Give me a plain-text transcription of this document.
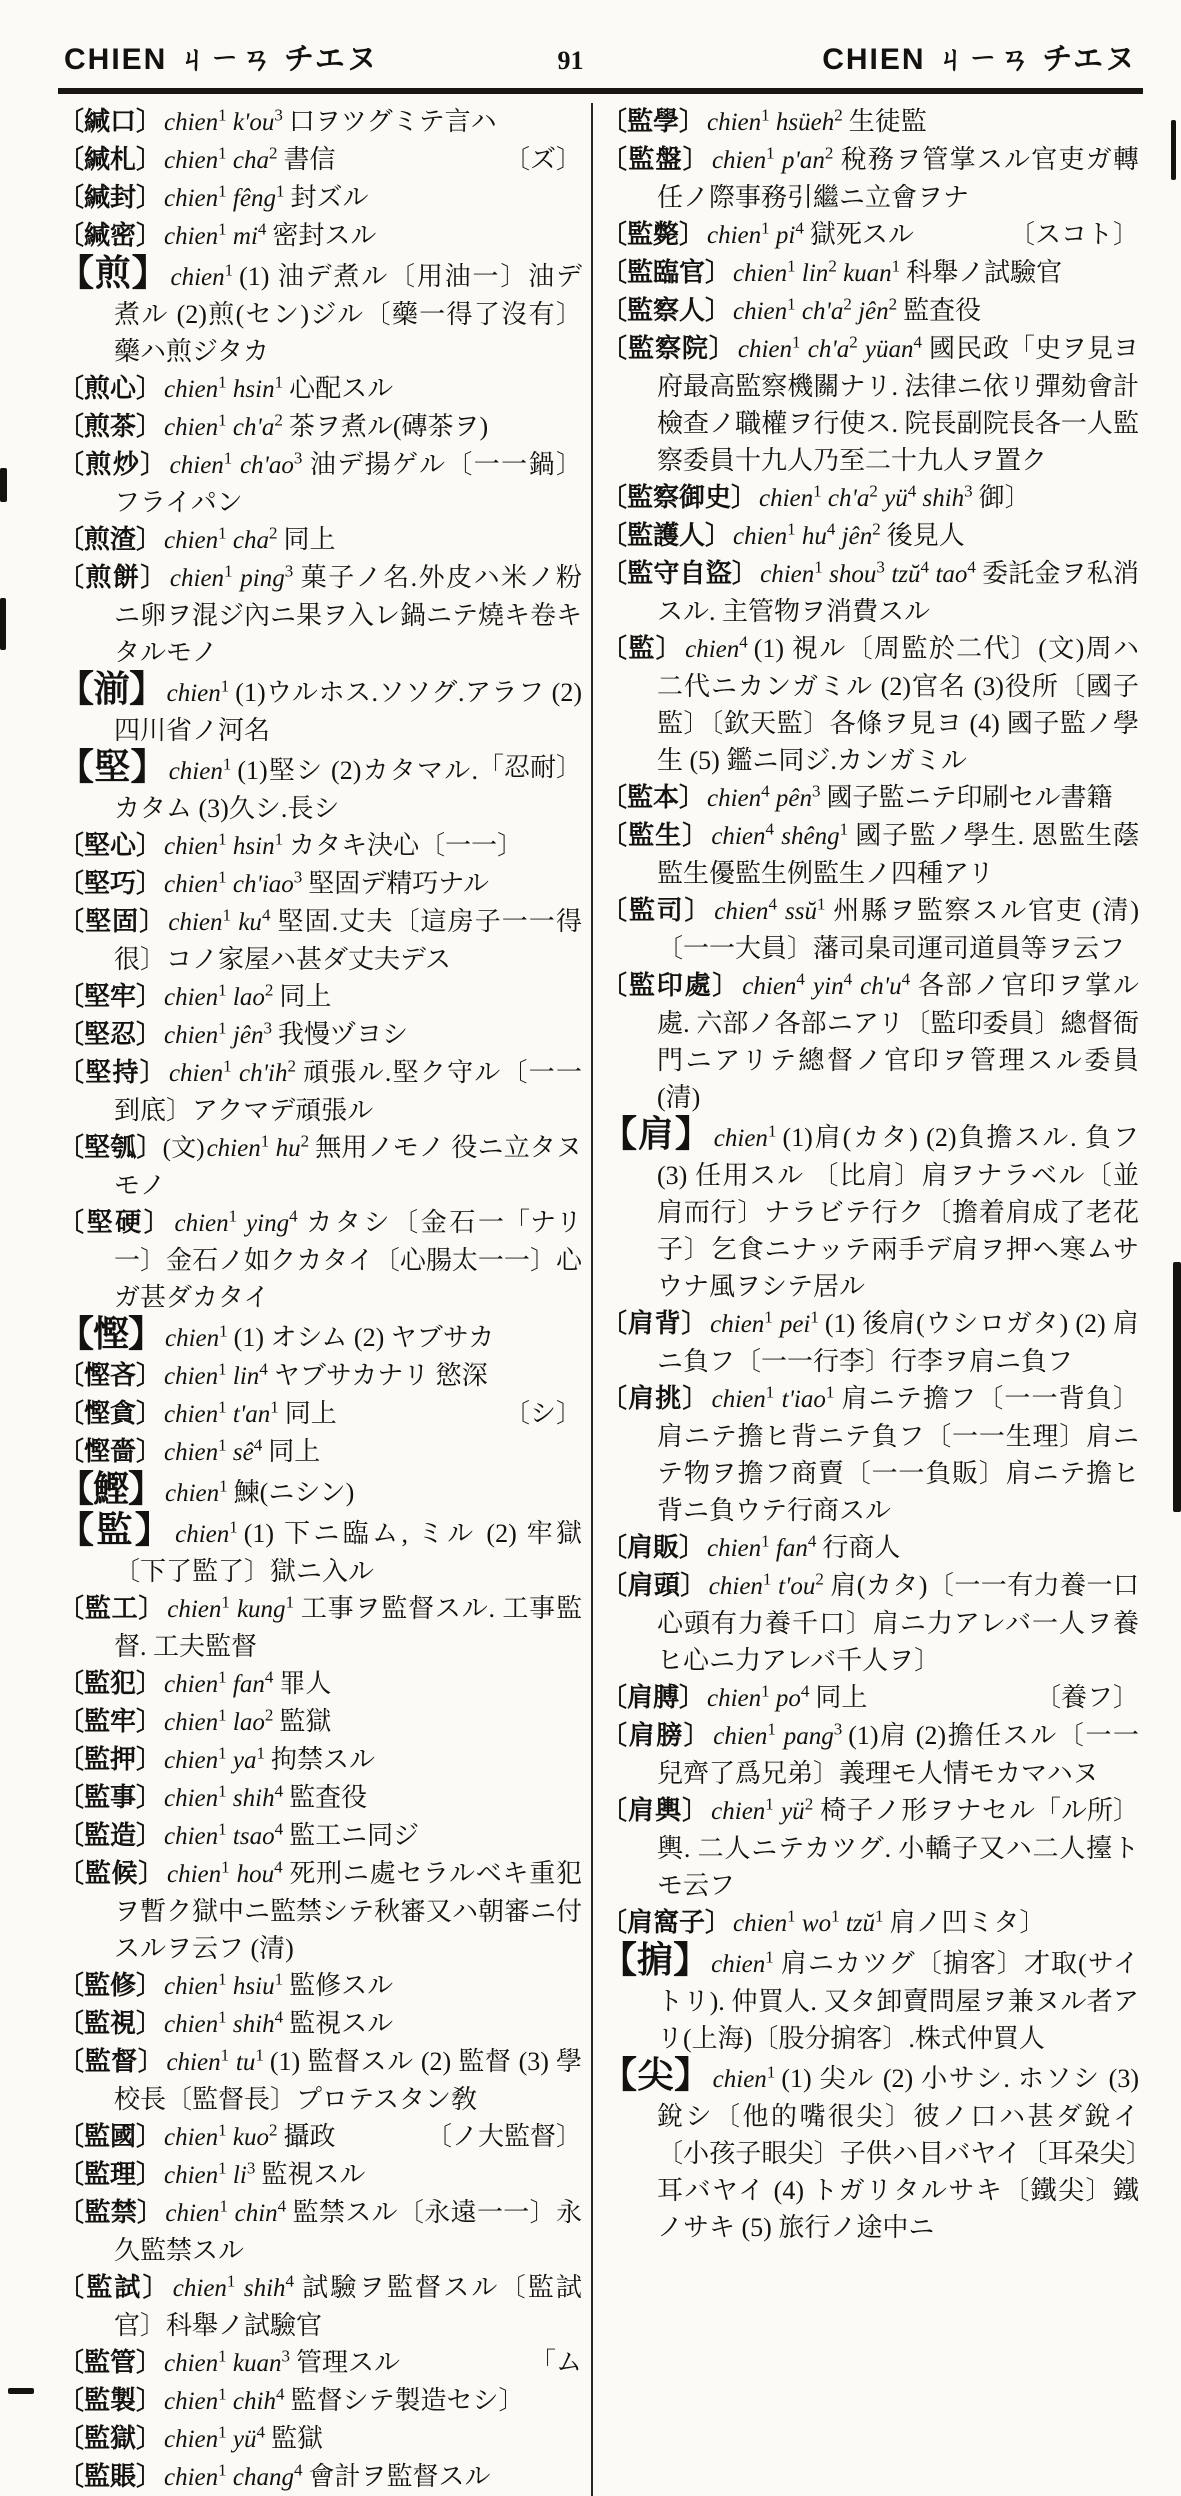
CHIEN ㄐㄧㄢ チエヌ	91	CHIEN ㄐㄧㄢ チエヌ
〔緘口〕chien$^1$ $k'ou^3$ 口ヲツグミテ言ハ
〔ズ〕
〔緘札〕chien$^1$ cha$^2$ 書信
〔緘封〕chien$^1$ fêng$^1$ 封ズル
〔緘密〕chien$^1$ $mi^4$ 密封スル
【煎】chien$^1$ (1) 油デ煮ル〔用油一〕油デ煮ル (2)煎(セン)ジル〔藥一得了沒有〕藥ハ煎ジタカ
〔煎心〕chien$^1$ hsin$^1$ 心配スル
〔煎茶〕chien$^1$ $ch'a^2$ 茶ヲ煮ル(磚茶ヲ)
〔煎炒〕chien$^1$ $ch'ao^3$ 油デ揚ゲル〔一一鍋〕フライパン
〔煎渣〕chien$^1$ cha$^2$ 同上
〔煎餅〕chien$^1$ ping$^3$ 菓子ノ名.外皮ハ米ノ粉ニ卵ヲ混ジ內ニ果ヲ入レ鍋ニテ燒キ卷キタルモノ
【湔】chien$^1$ (1)ウルホス.ソソグ.アラフ (2)四川省ノ河名
「忍耐〕
【堅】chien$^1$ (1)堅シ (2)カタマル.カタム (3)久シ.長シ
〔堅心〕chien$^1$ hsin$^1$ カタキ決心〔一一〕
〔堅巧〕chien$^1$ ch'iao$^3$ 堅固デ精巧ナル
〔堅固〕chien$^1$ $ku^4$ 堅固.丈夫〔這房子一一得很〕コノ家屋ハ甚ダ丈夫デス
〔堅牢〕chien$^1$ lao$^2$ 同上
〔堅忍〕chien$^1$ jên$^3$ 我慢ヅヨシ
〔堅持〕chien$^1$ $ch'ih^2$ 頑張ル.堅ク守ル〔一一到底〕アクマデ頑張ル
〔堅瓠〕(文)chien$^1$ $hu^2$ 無用ノモノ 役ニ立タヌモノ
「ナリ
〔堅硬〕chien$^1$ ying$^4$ カタシ〔金石一一〕金石ノ如クカタイ〔心腸太一一〕心ガ甚ダカタイ
【慳】chien$^1$ (1) オシム (2) ヤブサカ
〔慳吝〕chien$^1$ lin$^4$ ヤブサカナリ 慾深
〔シ〕
〔慳貪〕chien$^1$ $t'an^1$ 同上
〔慳嗇〕chien$^1$ $sê^4$ 同上
【鰹】chien$^1$ 鰊(ニシン)
【監】chien$^1$ (1) 下ニ臨ム, ミル (2) 牢獄〔下了監了〕獄ニ入ル
〔監工〕chien$^1$ kung$^1$ 工事ヲ監督スル. 工事監督. 工夫監督
〔監犯〕chien$^1$ fan$^4$ 罪人
〔監牢〕chien$^1$ lao$^2$ 監獄
〔監押〕chien$^1$ $ya^1$ 拘禁スル
〔監事〕chien$^1$ shih$^4$ 監査役
〔監造〕chien$^1$ tsao$^4$ 監工ニ同ジ
〔監候〕chien$^1$ hou$^4$ 死刑ニ處セラルベキ重犯ヲ暫ク獄中ニ監禁シテ秋審又ハ朝審ニ付スルヲ云フ (清)
〔監修〕chien$^1$ hsiu$^1$ 監修スル
〔監視〕chien$^1$ shih$^4$ 監視スル
〔監督〕chien$^1$ $tu^1$ (1) 監督スル (2) 監督 (3) 學校長〔監督長〕プロテスタン敎
〔ノ大監督〕
〔監國〕chien$^1$ kuo$^2$ 攝政
〔監理〕chien$^1$ $li^3$ 監視スル
〔監禁〕chien$^1$ chin$^4$ 監禁スル〔永遠一一〕永久監禁スル
〔監試〕chien$^1$ shih$^4$ 試驗ヲ監督スル〔監試官〕科舉ノ試驗官
「ム
〔監管〕chien$^1$ kuan$^3$ 管理スル
〔監製〕chien$^1$ chih$^4$ 監督シテ製造セシ〕
〔監獄〕chien$^1$ $yü^4$ 監獄
〔監賬〕chien$^1$ chang$^4$ 會計ヲ監督スル
〔監學〕chien$^1$ hsüeh$^2$ 生徒監
〔監盤〕chien$^1$ $p'an^2$ 稅務ヲ管掌スル官吏ガ轉任ノ際事務引繼ニ立會ヲナ
〔スコト〕
〔監斃〕chien$^1$ $pi^4$ 獄死スル
〔監臨官〕chien$^1$ lin$^2$ kuan$^1$ 科舉ノ試驗官
〔監察人〕chien$^1$ $ch'a^2$ jên$^2$ 監査役
「史ヲ見ヨ
〔監察院〕chien$^1$ $ch'a^2$ yüan$^4$ 國民政府最高監察機關ナリ. 法律ニ依リ彈劾會計檢查ノ職權ヲ行使ス. 院長副院長各一人監察委員十九人乃至二十九人ヲ置ク
〔監察御史〕chien$^1$ $ch'a^2$ $yü^4$ shih$^3$ 御〕
〔監護人〕chien$^1$ $hu^4$ jên$^2$ 後見人
〔監守自盜〕chien$^1$ shou$^3$ tzŭ$^4$ tao$^4$ 委託金ヲ私消スル. 主管物ヲ消費スル
〔監〕chien$^4$ (1) 視ル〔周監於二代〕(文)周ハ二代ニカンガミル (2)官名 (3)役所〔國子監〕〔欽天監〕各條ヲ見ヨ (4) 國子監ノ學生 (5) 鑑ニ同ジ.カンガミル
〔監本〕chien$^4$ pên$^3$ 國子監ニテ印刷セル書籍
〔監生〕chien$^4$ shêng$^1$ 國子監ノ學生. 恩監生蔭監生優監生例監生ノ四種アリ
〔監司〕chien$^4$ ssŭ$^1$ 州縣ヲ監察スル官吏 (清)〔一一大員〕藩司臬司運司道員等ヲ云フ
〔監印處〕chien$^4$ yin$^4$ $ch'u^4$ 各部ノ官印ヲ掌ル處. 六部ノ各部ニアリ〔監印委員〕總督衙門ニアリテ總督ノ官印ヲ管理スル委員 (清)
【肩】chien$^1$ (1)肩(カタ) (2)負擔スル. 負フ (3) 任用スル 〔比肩〕肩ヲナラベル〔並肩而行〕ナラビテ行ク〔擔着肩成了老花子〕乞食ニナッテ兩手デ肩ヲ押ヘ寒ムサウナ風ヲシテ居ル
〔肩背〕chien$^1$ pei$^1$ (1) 後肩(ウシロガタ) (2) 肩ニ負フ〔一一行李〕行李ヲ肩ニ負フ
〔肩挑〕chien$^1$ t'iao$^1$ 肩ニテ擔フ〔一一背負〕肩ニテ擔ヒ背ニテ負フ〔一一生理〕肩ニテ物ヲ擔フ商賣〔一一負販〕肩ニテ擔ヒ背ニ負ウテ行商スル
〔肩販〕chien$^1$ fan$^4$ 行商人
〔肩頭〕chien$^1$ $t'ou^2$ 肩(カタ)〔一一有力養一口心頭有力養千口〕肩ニ力アレバ一人ヲ養ヒ心ニ力アレバ千人ヲ〕
〔養フ〕
〔肩膊〕chien$^1$ $po^4$ 同上
〔肩膀〕chien$^1$ pang$^3$ (1)肩 (2)擔任スル〔一一兒齊了爲兄弟〕義理モ人情モカマハヌ
「ル所〕
〔肩輿〕chien$^1$ $yü^2$ 椅子ノ形ヲナセル輿. 二人ニテカツグ. 小轎子又ハ二人擡トモ云フ
〔肩窩子〕chien$^1$ $wo^1$ tzŭ$^1$ 肩ノ凹ミタ〕
【掮】chien$^1$ 肩ニカツグ〔掮客〕才取(サイトリ). 仲買人. 又タ卸賣問屋ヲ兼ヌル者アリ(上海)〔股分掮客〕.株式仲買人
【尖】chien$^1$ (1) 尖ル (2) 小サシ. ホソシ (3) 銳シ〔他的嘴很尖〕彼ノ口ハ甚ダ銳イ〔小孩子眼尖〕子供ハ目バヤイ〔耳朶尖〕耳バヤイ (4) トガリタルサキ〔鐵尖〕鐵ノサキ (5) 旅行ノ途中ニ
